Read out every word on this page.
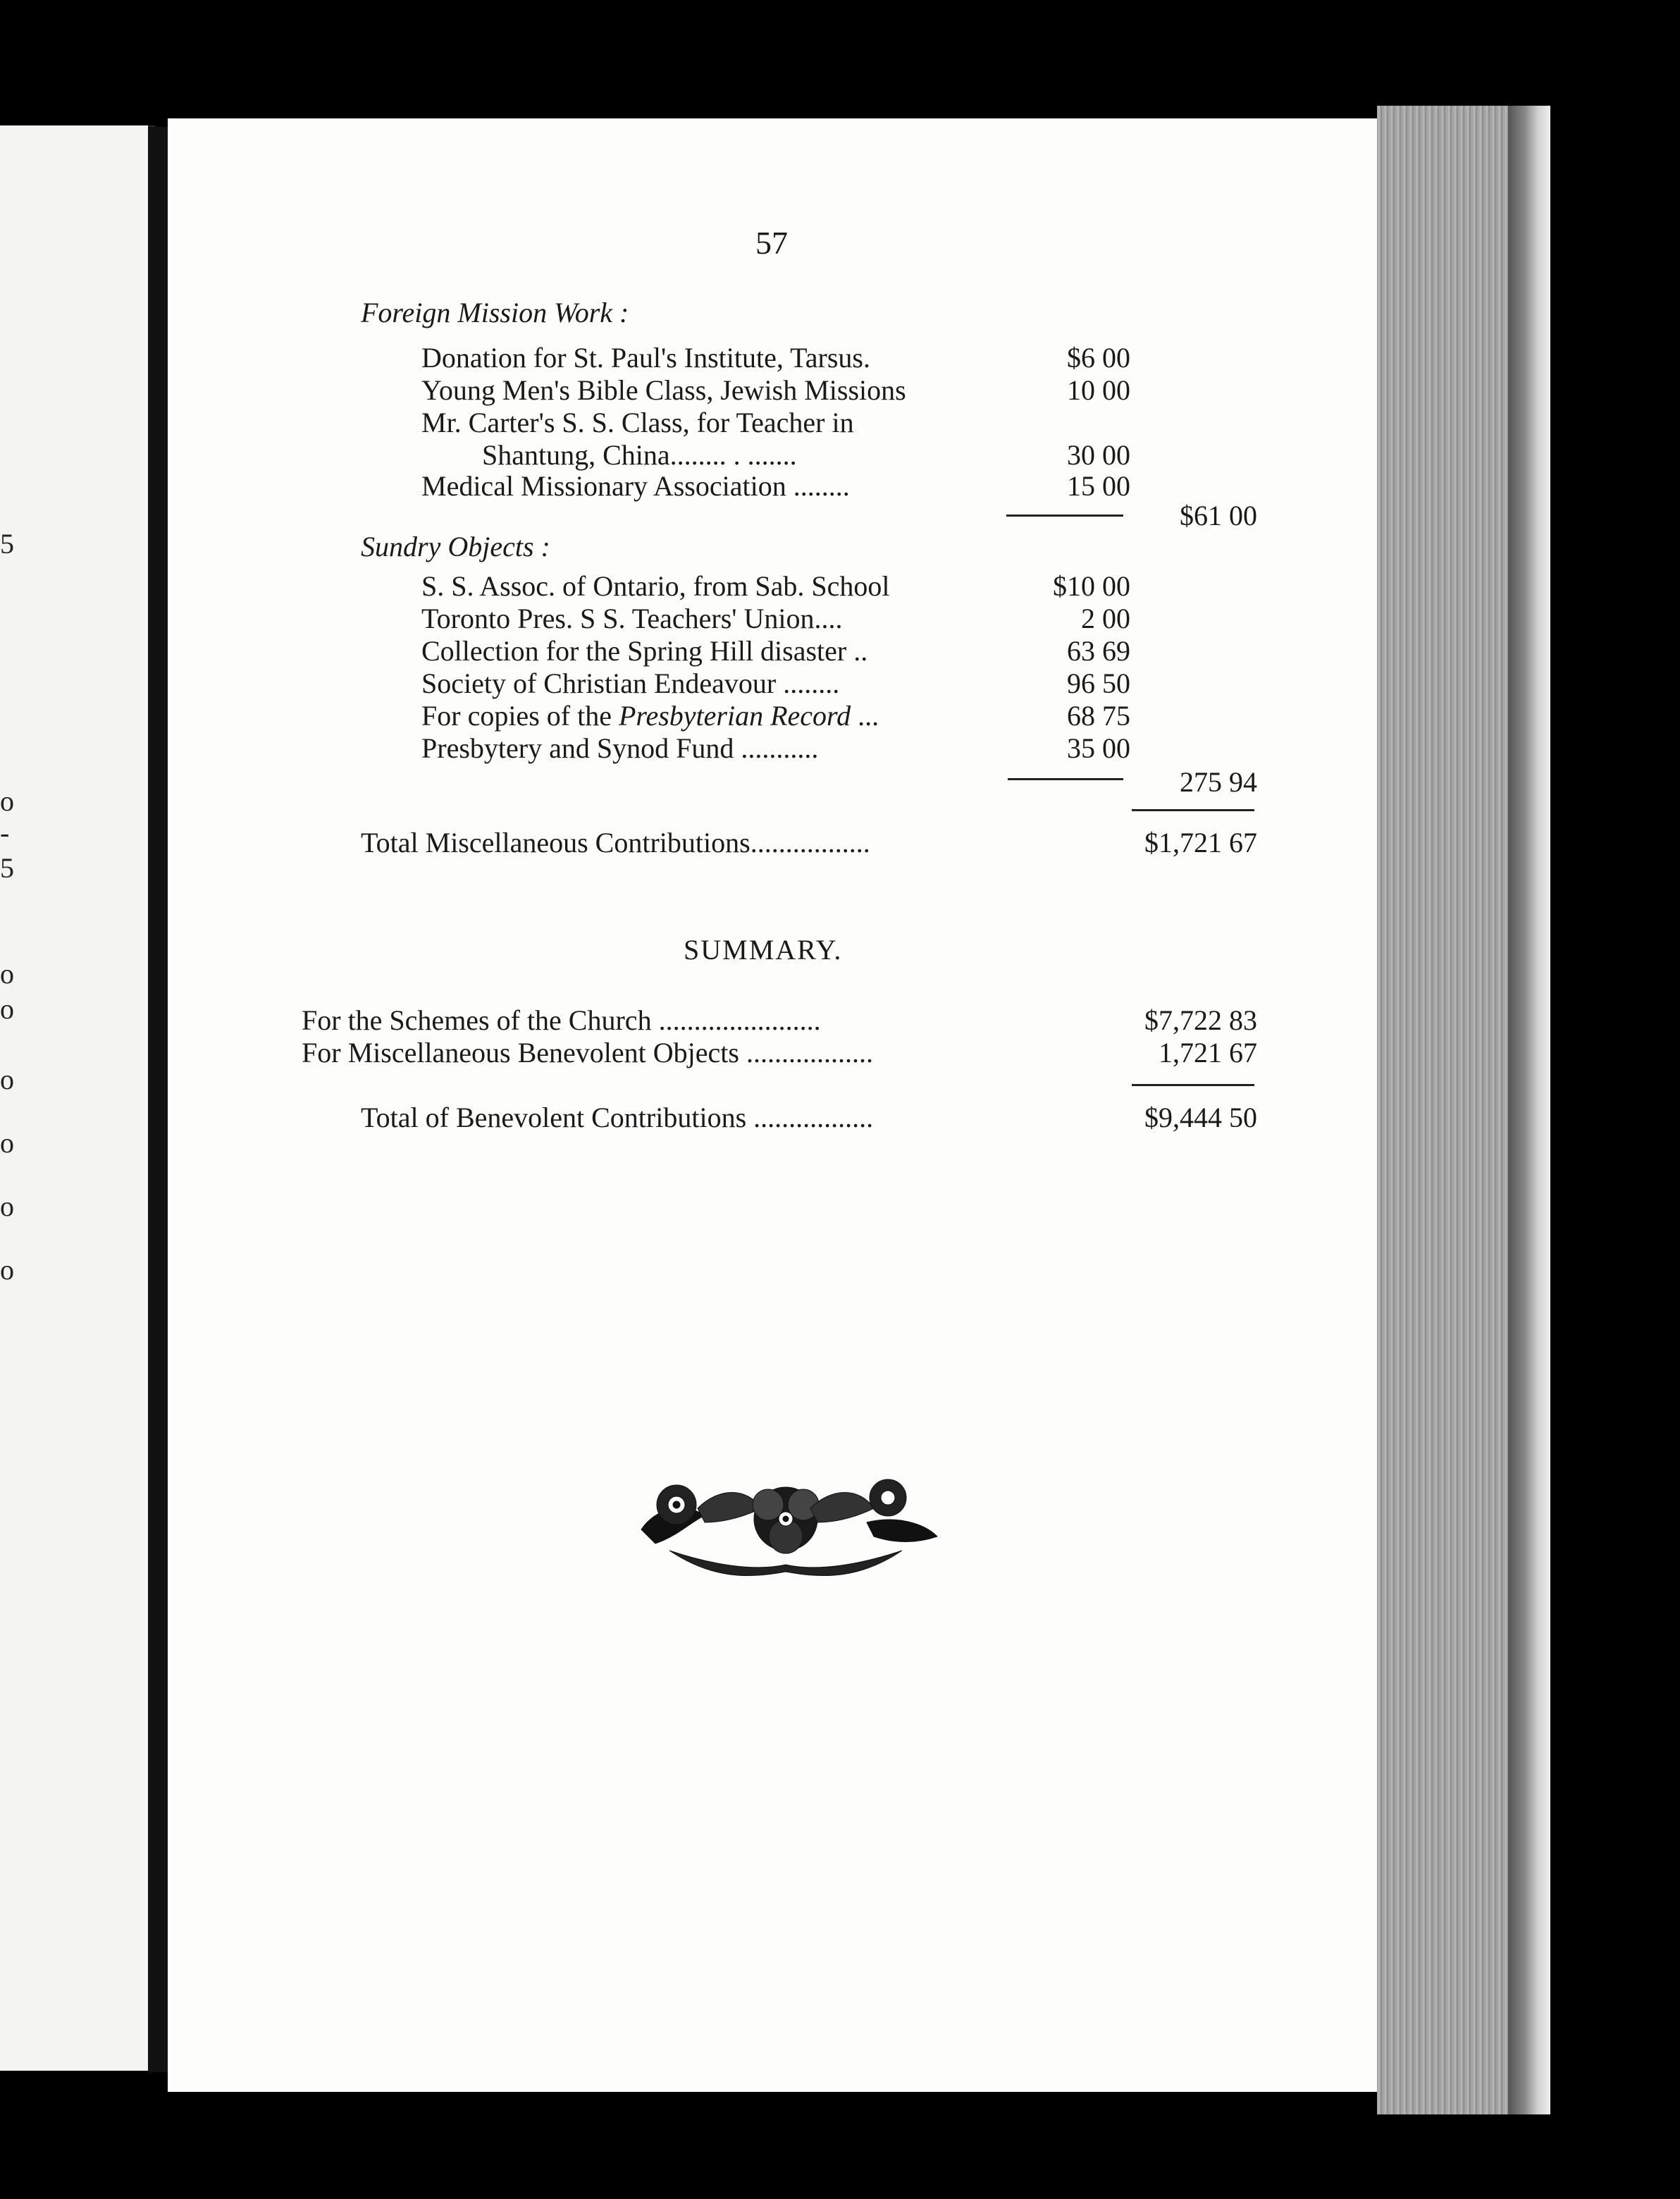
5
o
-
5
o
o
o
o
o
o
57
Foreign Mission Work :
Donation for St. Paul's Institute, Tarsus.	$6 00
Young Men's Bible Class, Jewish Missions	10 00
Mr. Carter's S. S. Class, for Teacher in
Shantung, China........ . .......	30 00
Medical Missionary Association ........	15 00
$61 00
Sundry Objects :
S. S. Assoc. of Ontario, from Sab. School	$10 00
Toronto Pres. S S. Teachers' Union....	2 00
Collection for the Spring Hill disaster ..	63 69
Society of Christian Endeavour ........	96 50
For copies of the Presbyterian Record ...	68 75
Presbytery and Synod Fund ...........	35 00
275 94
Total Miscellaneous Contributions.................	$1,721 67
SUMMARY.
For the Schemes of the Church .......................	$7,722 83
For Miscellaneous Benevolent Objects ..................	1,721 67
Total of Benevolent Contributions .................	$9,444 50
